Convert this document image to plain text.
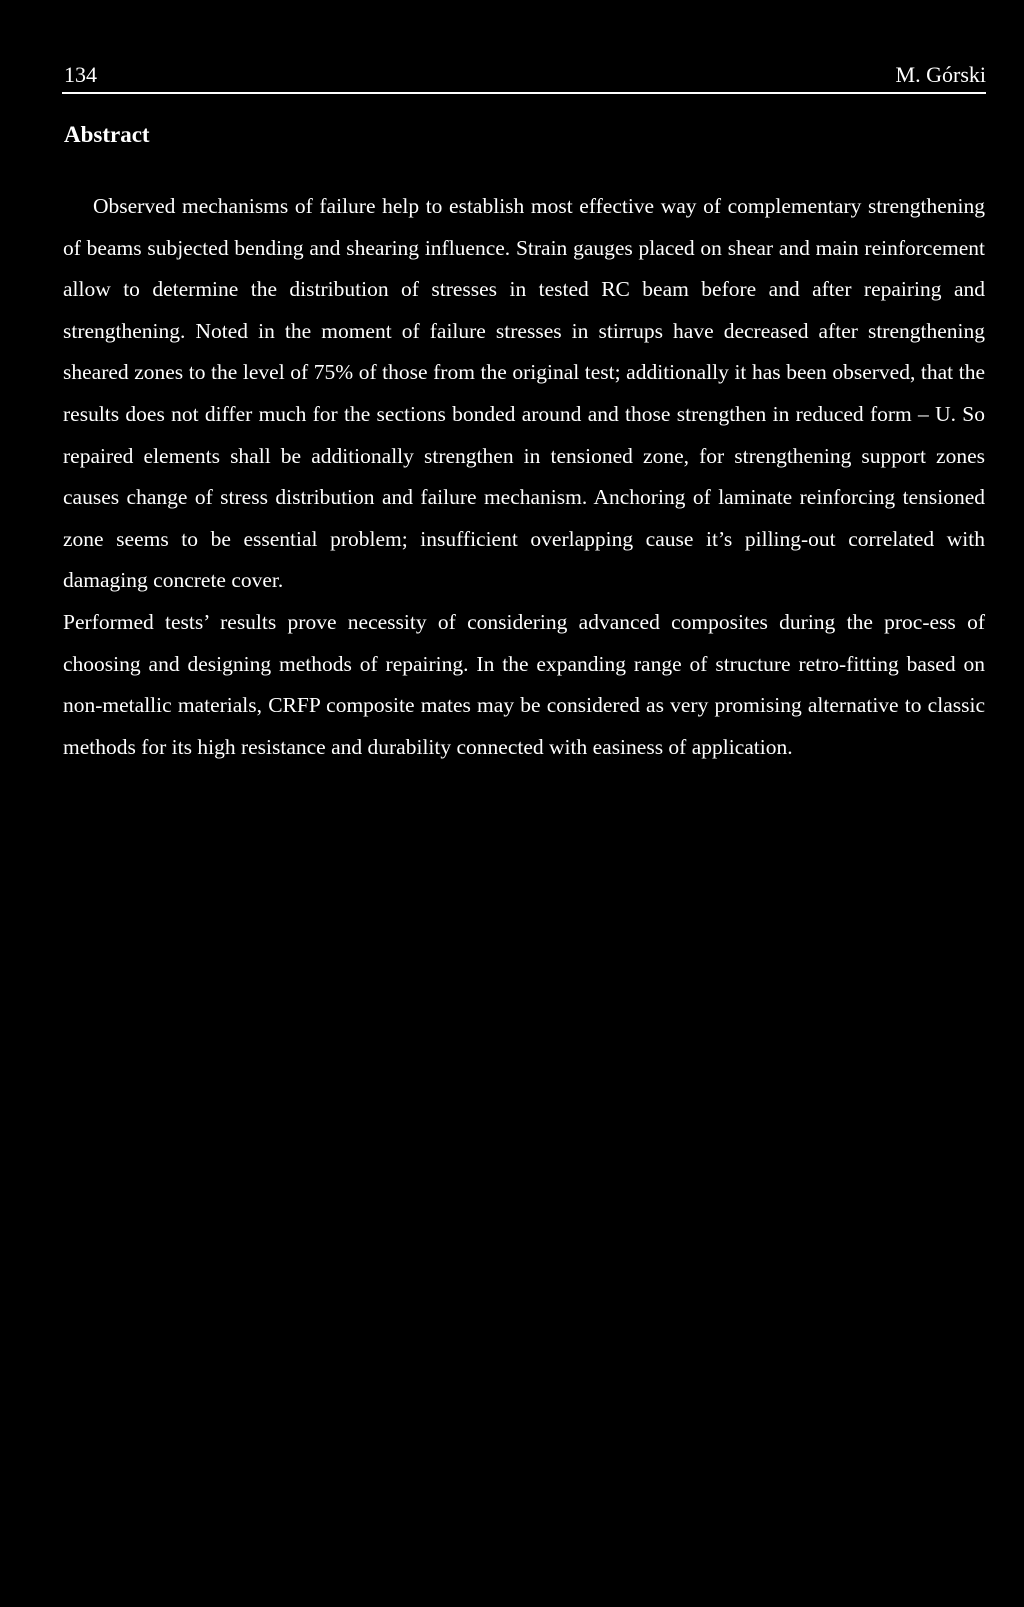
134	M. Górski
Abstract

Observed mechanisms of failure help to establish most effective way of complementary strengthening of beams subjected bending and shearing influence. Strain gauges placed on shear and main reinforcement allow to determine the distribution of stresses in tested RC beam before and after repairing and strengthening. Noted in the moment of failure stresses in stirrups have decreased after strengthening sheared zones to the level of 75% of those from the original test; additionally it has been observed, that the results does not differ much for the sections bonded around and those strengthen in reduced form – U. So repaired elements shall be additionally strengthen in tensioned zone, for strengthening support zones causes change of stress distribution and failure mechanism. Anchoring of laminate reinforcing tensioned zone seems to be essential problem; insufficient overlapping cause it’s pilling-out correlated with damaging concrete cover.

Performed tests’ results prove necessity of considering advanced composites during the proc-ess of choosing and designing methods of repairing. In the expanding range of structure retro-fitting based on non-metallic materials, CRFP composite mates may be considered as very promising alternative to classic methods for its high resistance and durability connected with easiness of application.
